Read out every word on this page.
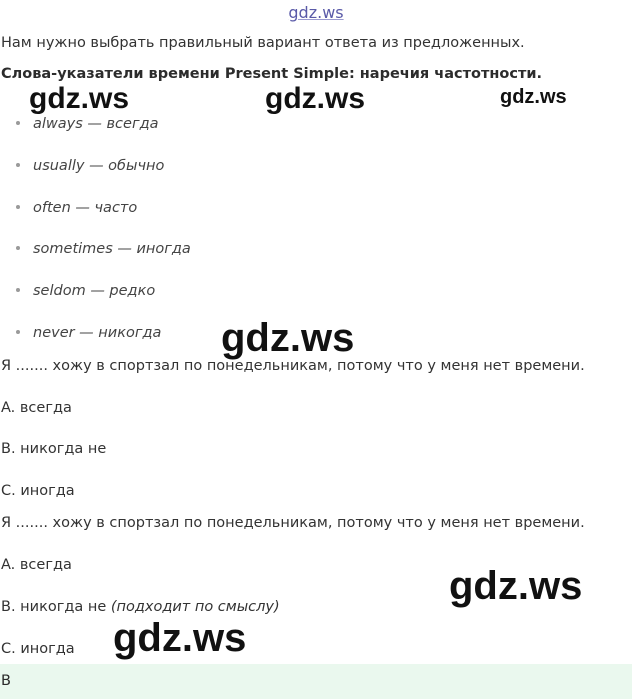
gdz.ws
Нам нужно выбрать правильный вариант ответа из предложенных.
Слова-указатели времени Present Simple: наречия частотности.
always — всегда
usually — обычно
often — часто
sometimes — иногда
seldom — редко
never — никогда
Я ....... хожу в спортзал по понедельникам, потому что у меня нет времени.
A. всегда
B. никогда не
C. иногда
Я ....... хожу в спортзал по понедельникам, потому что у меня нет времени.
A. всегда
B. никогда не (подходит по смыслу)
C. иногда
B
gdz.ws	gdz.ws	gdz.ws
gdz.ws
gdz.ws
gdz.ws
